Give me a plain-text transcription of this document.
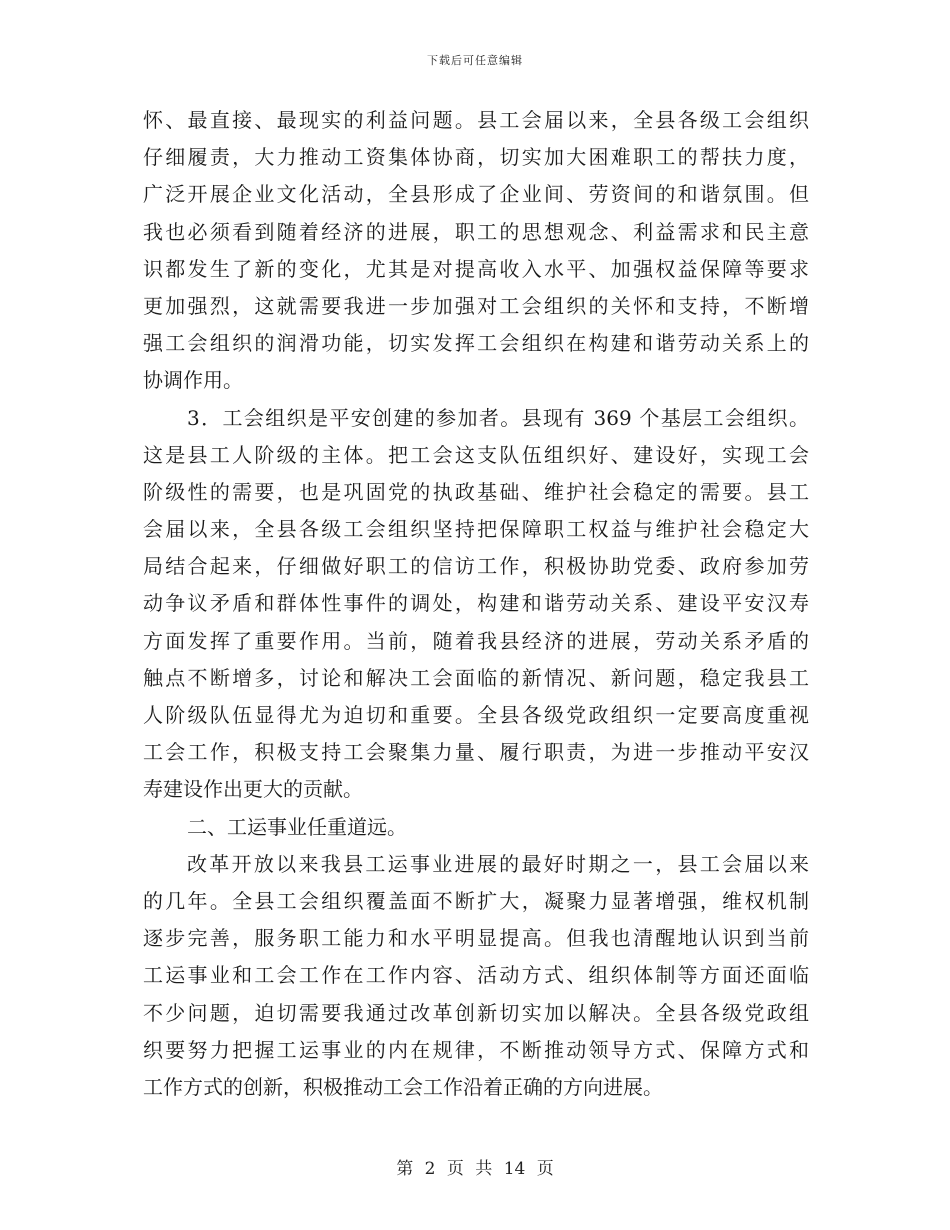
下载后可任意编辑
怀、最直接、最现实的利益问题。县工会届以来，全县各级工会组织
仔细履责，大力推动工资集体协商，切实加大困难职工的帮扶力度，
广泛开展企业文化活动，全县形成了企业间、劳资间的和谐氛围。但
我也必须看到随着经济的进展，职工的思想观念、利益需求和民主意
识都发生了新的变化，尤其是对提高收入水平、加强权益保障等要求
更加强烈，这就需要我进一步加强对工会组织的关怀和支持，不断增
强工会组织的润滑功能，切实发挥工会组织在构建和谐劳动关系上的
协调作用。
3．工会组织是平安创建的参加者。县现有 369 个基层工会组织。
这是县工人阶级的主体。把工会这支队伍组织好、建设好，实现工会
阶级性的需要，也是巩固党的执政基础、维护社会稳定的需要。县工
会届以来，全县各级工会组织坚持把保障职工权益与维护社会稳定大
局结合起来，仔细做好职工的信访工作，积极协助党委、政府参加劳
动争议矛盾和群体性事件的调处，构建和谐劳动关系、建设平安汉寿
方面发挥了重要作用。当前，随着我县经济的进展，劳动关系矛盾的
触点不断增多，讨论和解决工会面临的新情况、新问题，稳定我县工
人阶级队伍显得尤为迫切和重要。全县各级党政组织一定要高度重视
工会工作，积极支持工会聚集力量、履行职责，为进一步推动平安汉
寿建设作出更大的贡献。
二、工运事业任重道远。
改革开放以来我县工运事业进展的最好时期之一，县工会届以来
的几年。全县工会组织覆盖面不断扩大，凝聚力显著增强，维权机制
逐步完善，服务职工能力和水平明显提高。但我也清醒地认识到当前
工运事业和工会工作在工作内容、活动方式、组织体制等方面还面临
不少问题，迫切需要我通过改革创新切实加以解决。全县各级党政组
织要努力把握工运事业的内在规律，不断推动领导方式、保障方式和
工作方式的创新，积极推动工会工作沿着正确的方向进展。
第 2 页 共 14 页
